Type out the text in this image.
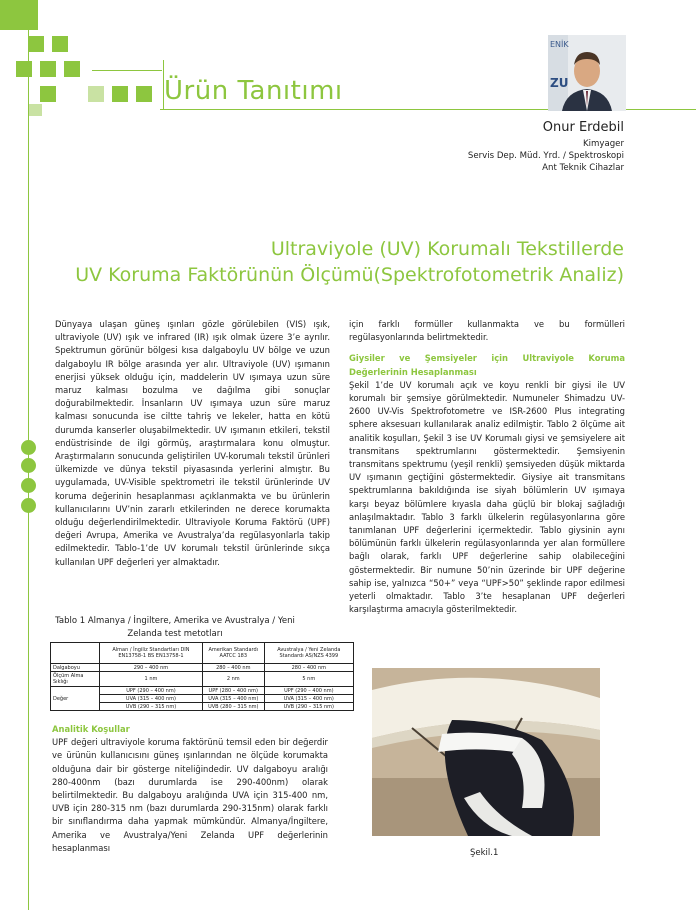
Ürün Tanıtımı
ENİK
ZU
Onur Erdebil
Kimyager
Servis Dep. Müd. Yrd. / Spektroskopi
Ant Teknik Cihazlar
Ultraviyole (UV) Korumalı Tekstillerde
UV Koruma Faktörünün Ölçümü(Spektrofotometrik Analiz)

Dünyaya ulaşan güneş ışınları gözle görülebilen (VIS) ışık, ultraviyole (UV) ışık ve infrared (IR) ışık olmak üzere 3’e ayrılır. Spektrumun görünür bölgesi kısa dalgaboylu UV bölge ve uzun dalgaboylu IR bölge arasında yer alır. Ultraviyole (UV) ışımanın enerjisi yüksek olduğu için, maddelerin UV ışımaya uzun süre maruz kalması bozulma ve dağılma gibi sonuçlar doğurabilmektedir. İnsanların UV ışımaya uzun süre maruz kalması sonucunda ise ciltte tahriş ve lekeler, hatta en kötü durumda kanserler oluşabilmektedir. UV ışımanın etkileri, tekstil endüstrisinde de ilgi görmüş, araştırmalara konu olmuştur. Araştırmaların sonucunda geliştirilen UV-korumalı tekstil ürünleri ülkemizde ve dünya tekstil piyasasında yerlerini almıştır. Bu uygulamada, UV-Visible spektrometri ile tekstil ürünlerinde UV koruma değerinin hesaplanması açıklanmakta ve bu ürünlerin kullanıcılarını UV’nin zararlı etkilerinden ne derece korumakta olduğu değerlendirilmektedir. Ultraviyole Koruma Faktörü (UPF) değeri Avrupa, Amerika ve Avustralya’da regülasyonlarla takip edilmektedir. Tablo-1’de UV korumalı tekstil ürünlerinde sıkça kullanılan UPF değerleri yer almaktadır.

Tablo 1 Almanya / İngiltere, Amerika ve Avustralya / Yeni Zelanda test metotları
	Alman / İngiliz Standartları DIN EN13758-1 BS EN13758-1	Amerikan Standardı AATCC 183	Avustralya / Yeni Zelanda Standardı AS/NZS 4399
Dalgaboyu	290 – 400 nm	280 – 400 nm	280 – 400 nm
Ölçüm Alma Sıklığı	1 nm	2 nm	5 nm
Değer	UPF (290 – 400 nm)	UPF (280 – 400 nm)	UPF (290 – 400 nm)
	UVA (315 – 400 nm)	UVA (315 – 400 nm)	UVA (315 – 400 nm)
	UVB (290 – 315 nm)	UVB (280 – 315 nm)	UVB (290 – 315 nm)

Analitik Koşullar

UPF değeri ultraviyole koruma faktörünü temsil eden bir değerdir ve ürünün kullanıcısını güneş ışınlarından ne ölçüde korumakta olduğuna dair bir gösterge niteliğindedir. UV dalgaboyu aralığı 280-400nm (bazı durumlarda ise 290-400nm) olarak belirtilmektedir. Bu dalgaboyu aralığında UVA için 315-400 nm, UVB için 280-315 nm (bazı durumlarda 290-315nm) olarak farklı bir sınıflandırma daha yapmak mümkündür. Almanya/İngiltere, Amerika ve Avustralya/Yeni Zelanda UPF değerlerinin hesaplanması

için farklı formüller kullanmakta ve bu formülleri regülasyonlarında belirtmektedir.

Giysiler ve Şemsiyeler için Ultraviyole Koruma Değerlerinin Hesaplanması

Şekil 1’de UV korumalı açık ve koyu renkli bir giysi ile UV korumalı bir şemsiye görülmektedir. Numuneler Shimadzu UV-2600 UV-Vis Spektrofotometre ve ISR-2600 Plus integrating sphere aksesuarı kullanılarak analiz edilmiştir. Tablo 2 ölçüme ait analitik koşulları, Şekil 3 ise UV Korumalı giysi ve şemsiyelere ait transmitans spektrumlarını göstermektedir. Şemsiyenin transmitans spektrumu (yeşil renkli) şemsiyeden düşük miktarda UV ışımanın geçtiğini göstermektedir. Giysiye ait transmitans spektrumlarına bakıldığında ise siyah bölümlerin UV ışımaya karşı beyaz bölümlere kıyasla daha güçlü bir blokaj sağladığı anlaşılmaktadır. Tablo 3 farklı ülkelerin regülasyonlarına göre tanımlanan UPF değerlerini içermektedir. Tablo giysinin aynı bölümünün farklı ülkelerin regülasyonlarında yer alan formüllere bağlı olarak, farklı UPF değerlerine sahip olabileceğini göstermektedir. Bir numune 50’nin üzerinde bir UPF değerine sahip ise, yalnızca “50+” veya “UPF>50” şeklinde rapor edilmesi yeterli olmaktadır. Tablo 3’te hesaplanan UPF değerleri karşılaştırma amacıyla gösterilmektedir.

Şekil.1
